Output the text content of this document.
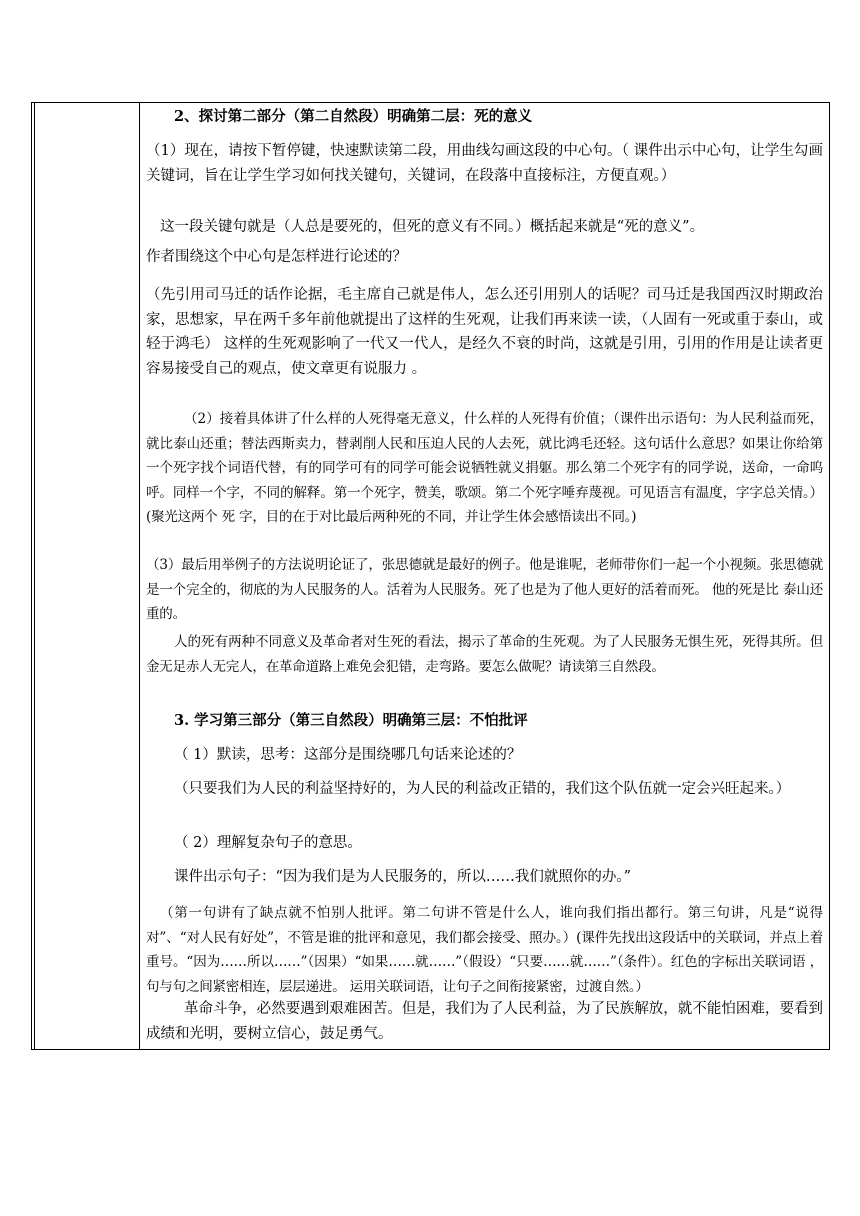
2、探讨第二部分（第二自然段）明确第二层：死的意义

（1）现在，请按下暂停键，快速默读第二段，用曲线勾画这段的中心句。（ 课件出示中心句，让学生勾画关键词，旨在让学生学习如何找关键句，关键词，在段落中直接标注，方便直观。）

这一段关键句就是（人总是要死的，但死的意义有不同。）概括起来就是“死的意义”。

作者围绕这个中心句是怎样进行论述的？

（先引用司马迁的话作论据，毛主席自己就是伟人，怎么还引用别人的话呢？司马迁是我国西汉时期政治家，思想家，早在两千多年前他就提出了这样的生死观，让我们再来读一读，（人固有一死或重于泰山，或轻于鸿毛） 这样的生死观影响了一代又一代人，是经久不衰的时尚，这就是引用，引用的作用是让读者更容易接受自己的观点，使文章更有说服力 。

（2）接着具体讲了什么样的人死得毫无意义，什么样的人死得有价值；（课件出示语句：为人民利益而死，就比泰山还重；替法西斯卖力，替剥削人民和压迫人民的人去死，就比鸿毛还轻。这句话什么意思？如果让你给第一个死字找个词语代替，有的同学可有的同学可能会说牺牲就义捐躯。那么第二个死字有的同学说，送命，一命呜呼。同样一个字，不同的解释。第一个死字，赞美，歌颂。第二个死字唾弃蔑视。可见语言有温度，字字总关情。）(聚光这两个 死 字，目的在于对比最后两种死的不同，并让学生体会感悟读出不同。)

（3）最后用举例子的方法说明论证了，张思德就是最好的例子。他是谁呢，老师带你们一起一个小视频。张思德就是一个完全的，彻底的为人民服务的人。活着为人民服务。死了也是为了他人更好的活着而死。 他的死是比 泰山还重的。

人的死有两种不同意义及革命者对生死的看法，揭示了革命的生死观。为了人民服务无惧生死，死得其所。但金无足赤人无完人，在革命道路上难免会犯错，走弯路。要怎么做呢？请读第三自然段。

3. 学习第三部分（第三自然段）明确第三层：不怕批评

（ 1）默读，思考：这部分是围绕哪几句话来论述的？

（只要我们为人民的利益坚持好的，为人民的利益改正错的，我们这个队伍就一定会兴旺起来。）

（ 2）理解复杂句子的意思。

课件出示句子：“因为我们是为人民服务的，所以……我们就照你的办。”

（第一句讲有了缺点就不怕别人批评。第二句讲不管是什么人，谁向我们指出都行。第三句讲，凡是“说得对”、“对人民有好处”，不管是谁的批评和意见，我们都会接受、照办。）(课件先找出这段话中的关联词，并点上着重号。“因为……所以……”（因果）“如果……就……”（假设）“只要……就……”（条件）。红色的字标出关联词语 ，句与句之间紧密相连，层层递进。 运用关联词语，让句子之间衔接紧密，过渡自然。）

革命斗争，必然要遇到艰难困苦。但是，我们为了人民利益，为了民族解放，就不能怕困难，要看到成绩和光明，要树立信心，鼓足勇气。
